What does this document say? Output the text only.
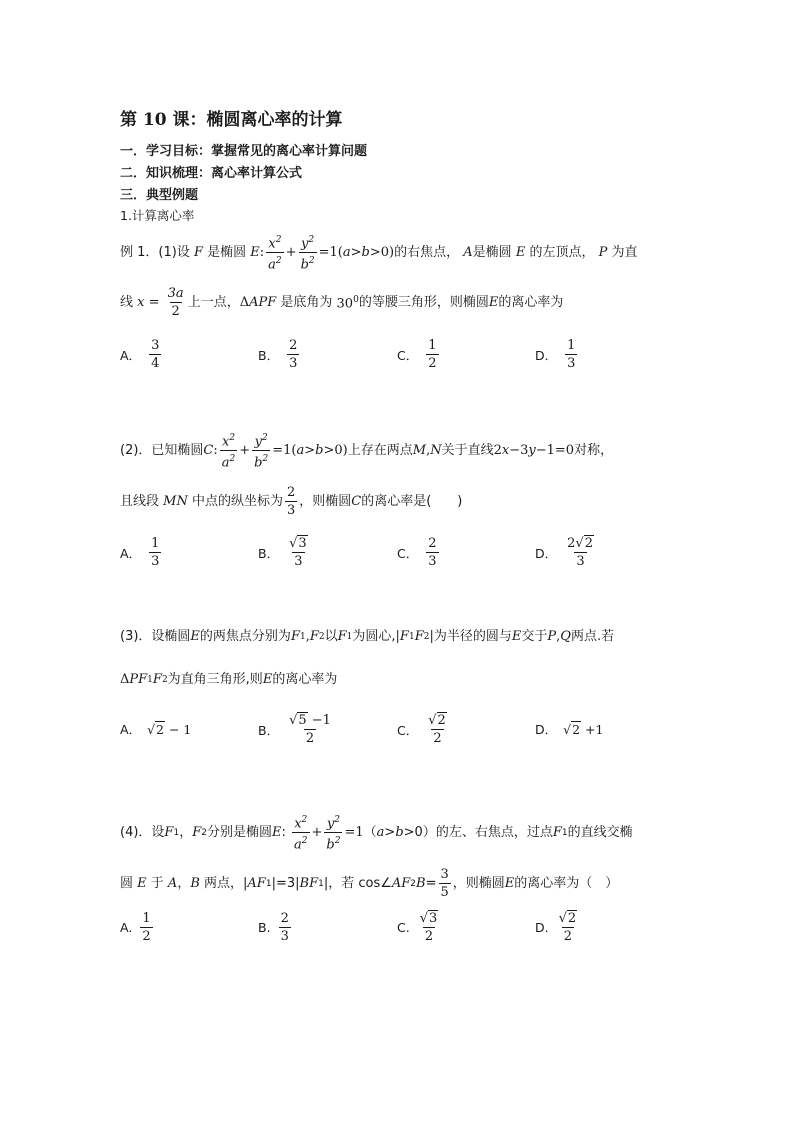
第 10 课：椭圆离心率的计算
一．学习目标：掌握常见的离心率计算问题
二．知识梳理：离心率计算公式
三．典型例题
1.计算离心率
例 1．(1)设 F 是椭圆 E : $\frac{x^2}{a^2} + \frac{y^2}{b^2} =1$( a > b >0) 的右焦点， A 是椭圆 E 的左顶点， P 为直
线 $x = \frac{3a}{2}$ 上一点， Δ APF 是底角为 $30^0$ 的等腰三角形，则椭圆 E 的离心率为
A． $\frac{3}{4}$	B． $\frac{2}{3}$	C． $\frac{1}{2}$	D． $\frac{1}{3}$
(2)．已知椭圆 C : $\frac{x^2}{a^2} + \frac{y^2}{b^2} =1$( a > b >0) 上存在两点 M , N 关于直线 2 x −3 y −1=0 对称，
且线段 MN 中点的纵坐标为 $\frac{2}{3}$ ，则椭圆 C 的离心率是(　　)
A． $\frac{1}{3}$	B． $\frac{√3}{3}$	C． $\frac{2}{3}$	D． $\frac{2√2}{3}$
(3)．设椭圆 E 的两焦点分别为 F 1 , F 2 以 F 1 为圆心, | F 1 F 2 | 为半径的圆与 E 交于 P , Q 两点.若
Δ PF 1 F 2 为直角三角形,则 E 的离心率为
A． √2 − 1	B． $\frac{√5 -1}{2}$	C． $\frac{√2}{2}$	D． √2 +1
(4)．设 F 1 ， F 2 分别是椭圆 E : $\frac{x^2}{a^2} + \frac{y^2}{b^2} =1$ （ a > b >0 ）的左、右焦点，过点 F 1 的直线交椭
圆 E 于 A ， B 两点，| AF 1 |=3| BF 1 |，若 cos∠ AF 2 $B = \frac{3}{5}$ ，则椭圆 E 的离心率为（　）
A. $\frac{1}{2}$	B. $\frac{2}{3}$	C. $\frac{√3}{2}$	D. $\frac{√2}{2}$
